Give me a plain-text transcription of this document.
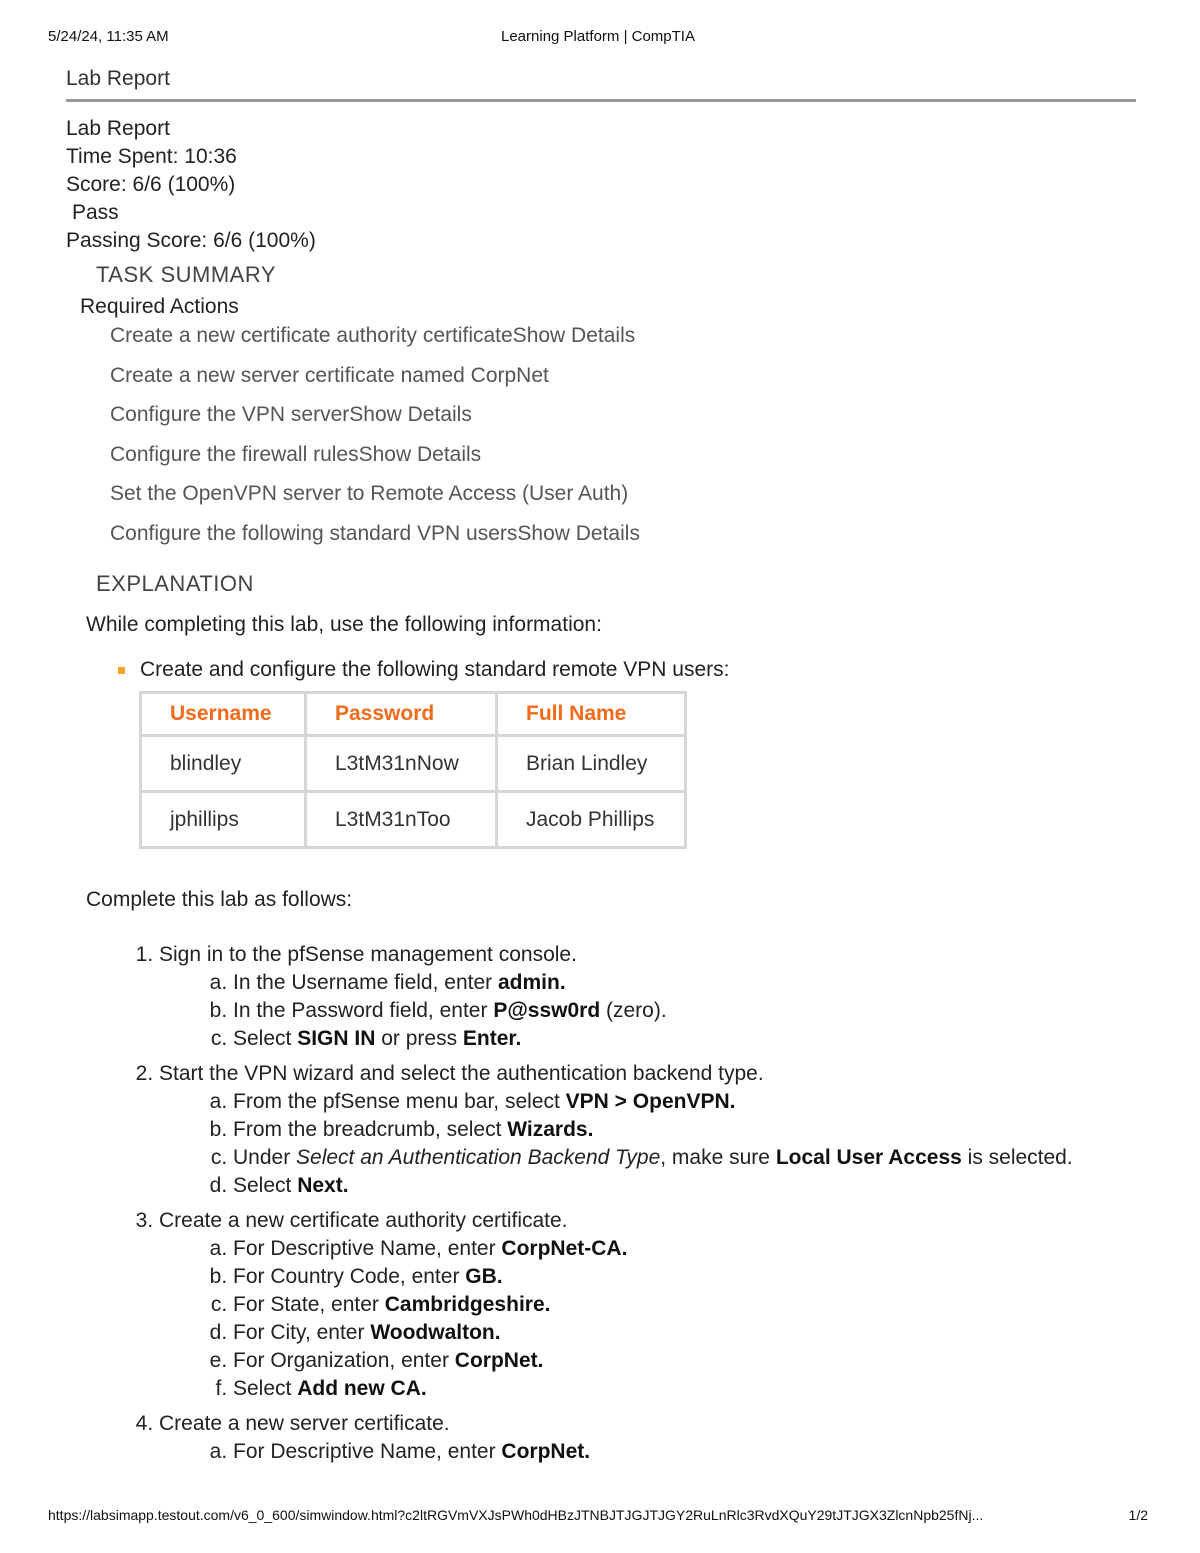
5/24/24, 11:35 AM	Learning Platform | CompTIA
Lab Report
Lab Report
Time Spent: 10:36
Score: 6/6 (100%)
Pass
Passing Score: 6/6 (100%)
TASK SUMMARY
Required Actions
Create a new certificate authority certificateShow Details
Create a new server certificate named CorpNet
Configure the VPN serverShow Details
Configure the firewall rulesShow Details
Set the OpenVPN server to Remote Access (User Auth)
Configure the following standard VPN usersShow Details
EXPLANATION
While completing this lab, use the following information:
Create and configure the following standard remote VPN users:
Username	Password	Full Name
blindley	L3tM31nNow	Brian Lindley
jphillips	L3tM31nToo	Jacob Phillips
Complete this lab as follows:
1. Sign in to the pfSense management console.
a. In the Username field, enter admin.
b. In the Password field, enter P@ssw0rd (zero).
c. Select SIGN IN or press Enter.
2. Start the VPN wizard and select the authentication backend type.
a. From the pfSense menu bar, select VPN > OpenVPN.
b. From the breadcrumb, select Wizards.
c. Under Select an Authentication Backend Type, make sure Local User Access is selected.
d. Select Next.
3. Create a new certificate authority certificate.
a. For Descriptive Name, enter CorpNet-CA.
b. For Country Code, enter GB.
c. For State, enter Cambridgeshire.
d. For City, enter Woodwalton.
e. For Organization, enter CorpNet.
f. Select Add new CA.
4. Create a new server certificate.
a. For Descriptive Name, enter CorpNet.
https://labsimapp.testout.com/v6_0_600/simwindow.html?c2ltRGVmVXJsPWh0dHBzJTNBJTJGJTJGY2RuLnRlc3RvdXQuY29tJTJGX3ZlcnNpb25fNj...	1/2
